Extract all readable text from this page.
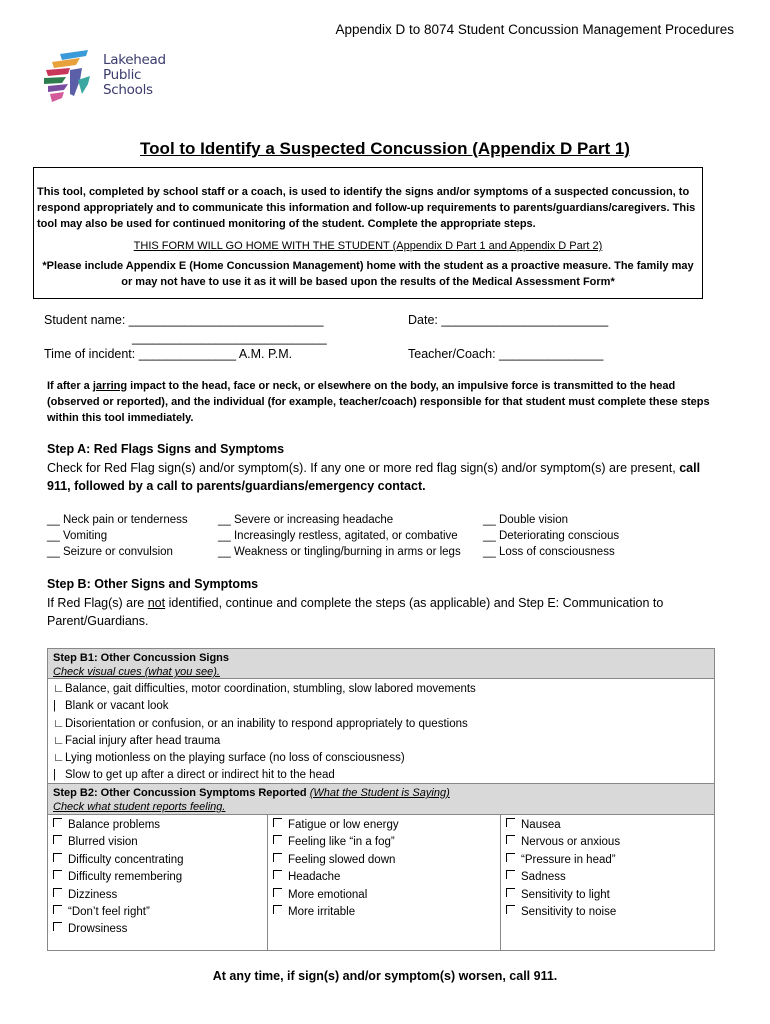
Appendix D to 8074 Student Concussion Management Procedures
Lakehead
Public
Schools
Tool to Identify a Suspected Concussion (Appendix D Part 1)

This tool, completed by school staff or a coach, is used to identify the signs and/or symptoms of a suspected concussion, to respond appropriately and to communicate this information and follow-up requirements to parents/guardians/caregivers. This tool may also be used for continued monitoring of the student. Complete the appropriate steps.

THIS FORM WILL GO HOME WITH THE STUDENT (Appendix D Part 1 and Appendix D Part 2)

*Please include Appendix E (Home Concussion Management) home with the student as a proactive measure. The family may or may not have to use it as it will be based upon the results of the Medical Assessment Form*

Student name: ____________________________	Date: ________________________
____________________________
Time of incident: ______________ A.M. P.M.	Teacher/Coach: _______________
If after a jarring impact to the head, face or neck, or elsewhere on the body, an impulsive force is transmitted to the head (observed or reported), and the individual (for example, teacher/coach) responsible for that student must complete these steps within this tool immediately.
Step A: Red Flags Signs and Symptoms
Check for Red Flag sign(s) and/or symptom(s). If any one or more red flag sign(s) and/or symptom(s) are present, call 911, followed by a call to parents/guardians/emergency contact.
__ Neck pain or tenderness
__ Vomiting
__ Seizure or convulsion
__ Severe or increasing headache
__ Increasingly restless, agitated, or combative
__ Weakness or tingling/burning in arms or legs
__ Double vision
__ Deteriorating conscious
__ Loss of consciousness
Step B: Other Signs and Symptoms
If Red Flag(s) are not identified, continue and complete the steps (as applicable) and Step E: Communication to Parent/Guardians.
Step B1: Other Concussion Signs
Check visual cues (what you see).
∟Balance, gait difficulties, motor coordination, stumbling, slow labored movements
| Blank or vacant look
∟Disorientation or confusion, or an inability to respond appropriately to questions
∟Facial injury after head trauma
∟Lying motionless on the playing surface (no loss of consciousness)
| Slow to get up after a direct or indirect hit to the head
Step B2: Other Concussion Symptoms Reported (What the Student is Saying)
Check what student reports feeling.
Balance problems
Blurred vision
Difficulty concentrating
Difficulty remembering
Dizziness
“Don’t feel right”
Drowsiness
Fatigue or low energy
Feeling like “in a fog”
Feeling slowed down
Headache
More emotional
More irritable
Nausea
Nervous or anxious
“Pressure in head”
Sadness
Sensitivity to light
Sensitivity to noise
At any time, if sign(s) and/or symptom(s) worsen, call 911.
